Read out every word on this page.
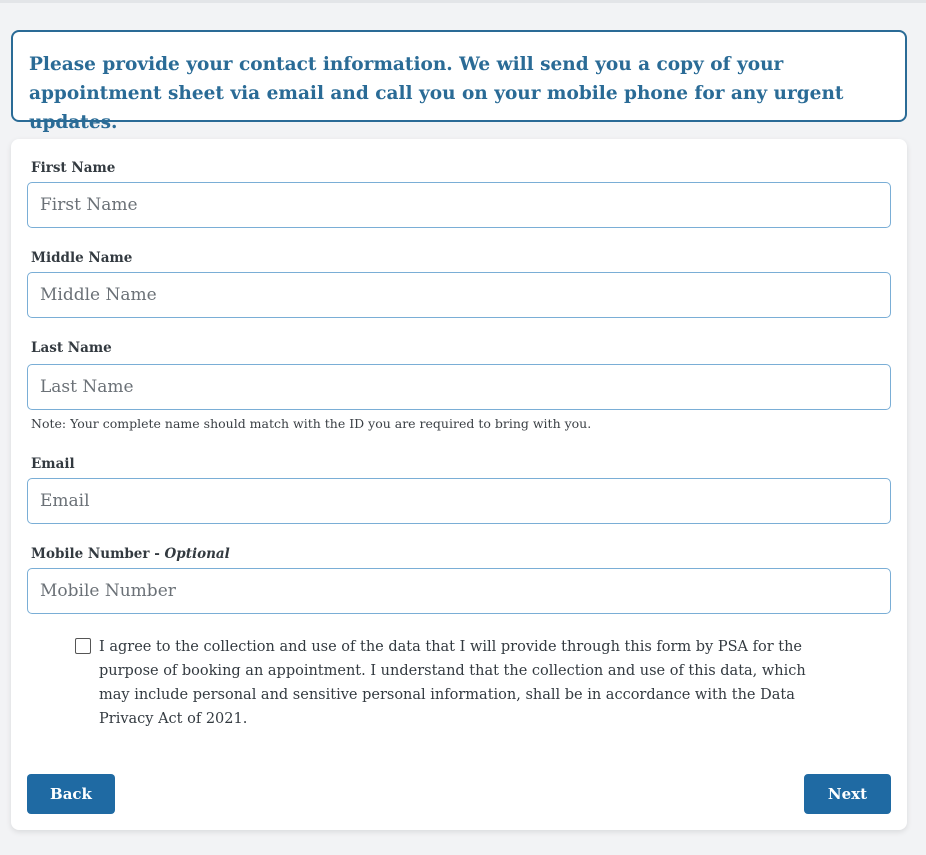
Please provide your contact information. We will send you a copy of your appointment sheet via email and call you on your mobile phone for any urgent updates.

First Name
First Name
Middle Name
Middle Name
Last Name
Last Name

Note: Your complete name should match with the ID you are required to bring with you.

Email
Email
Mobile Number - Optional
Mobile Number

I agree to the collection and use of the data that I will provide through this form by PSA for the purpose of booking an appointment. I understand that the collection and use of this data, which may include personal and sensitive personal information, shall be in accordance with the Data Privacy Act of 2021.

Back	Next
